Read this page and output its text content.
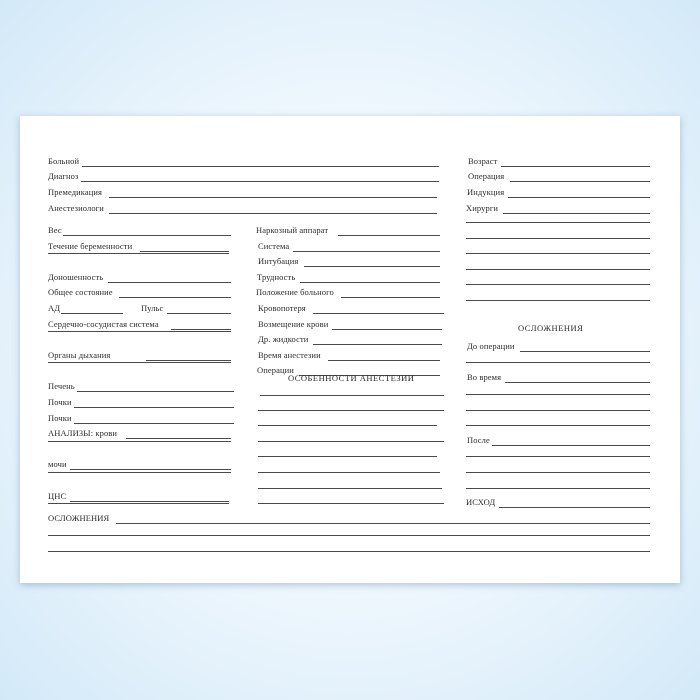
Больной
Диагноз
Премедикация
Анестезиологи
Возраст
Операция
Индукция
Хирурги
Вес
Течение беременности
Доношенность
Общее состояние
АД	Пульс
Сердечно-сосудистая система
Органы дыхания
Печень
Почки
Почки
АНАЛИЗЫ: крови
мочи
ЦНС
Наркозный аппарат
Система
Интубация
Трудность
Положение больного
Кровопотеря
Возмещение крови
Др. жидкости
Время анестезии
Операции
ОСОБЕННОСТИ АНЕСТЕЗИИ
ОСЛОЖНЕНИЯ
До операции
Во время
После
ИСХОД
ОСЛОЖНЕНИЯ
